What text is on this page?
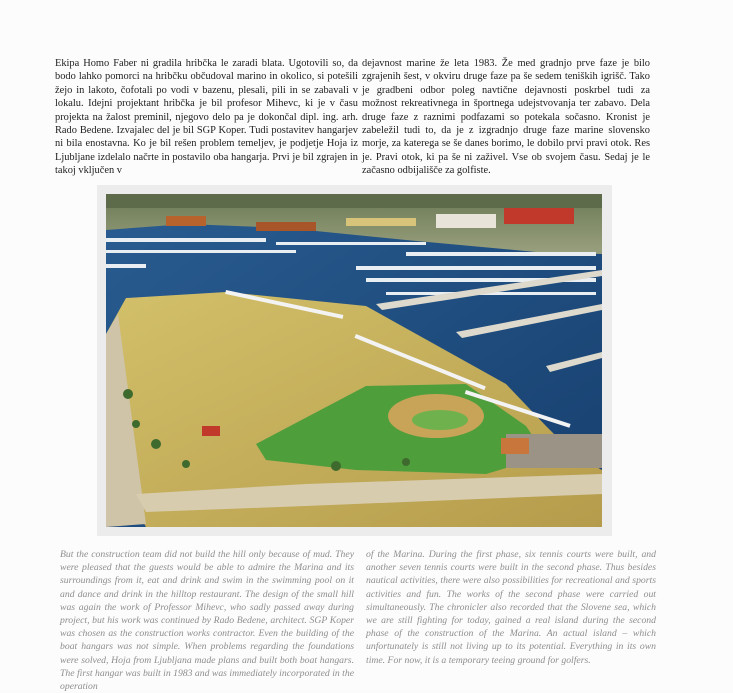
Ekipa Homo Faber ni gradila hribčka le zaradi blata. Ugotovili so, da bodo lahko pomorci na hribčku občudoval marino in okolico, si potešili žejo in lakoto, čofotali po vodi v bazenu, plesali, pili in se zabavali v lokalu. Idejni projektant hribčka je bil profesor Mihevc, ki je v času projekta na žalost preminil, njegovo delo pa je dokončal dipl. ing. arh. Rado Bedene. Izvajalec del je bil SGP Koper. Tudi postavitev hangarjev ni bila enostavna. Ko je bil rešen problem temeljev, je podjetje Hoja iz Ljubljane izdelalo načrte in postavilo oba hangarja. Prvi je bil zgrajen in takoj vključen v
dejavnost marine že leta 1983. Že med gradnjo prve faze je bilo zgrajenih šest, v okviru druge faze pa še sedem teniških igrišč. Tako je gradbeni odbor poleg navtične dejavnosti poskrbel tudi za možnost rekreativnega in športnega udejstvovanja ter zabavo. Dela druge faze z raznimi podfazami so potekala sočasno. Kronist je zabeležil tudi to, da je z izgradnjo druge faze marine slovensko morje, za katerega se še danes borimo, le dobilo prvi pravi otok. Res je. Pravi otok, ki pa še ni zaživel. Vse ob svojem času. Sedaj je le začasno odbijališče za golfiste.
But the construction team did not build the hill only because of mud. They were pleased that the guests would be able to admire the Marina and its surroundings from it, eat and drink and swim in the swimming pool on it and dance and drink in the hilltop restaurant. The design of the small hill was again the work of Professor Mihevc, who sadly passed away during project, but his work was continued by Rado Bedene, architect. SGP Koper was chosen as the construction works contractor. Even the building of the boat hangars was not simple. When problems regarding the foundations were solved, Hoja from Ljubljana made plans and built both boat hangars. The first hangar was built in 1983 and was immediately incorporated in the operation
of the Marina. During the first phase, six tennis courts were built, and another seven tennis courts were built in the second phase. Thus besides nautical activities, there were also possibilities for recreational and sports activities and fun. The works of the second phase were carried out simultaneously. The chronicler also recorded that the Slovene sea, which we are still fighting for today, gained a real island during the second phase of the construction of the Marina. An actual island – which unfortunately is still not living up to its potential. Everything in its own time. For now, it is a temporary teeing ground for golfers.
